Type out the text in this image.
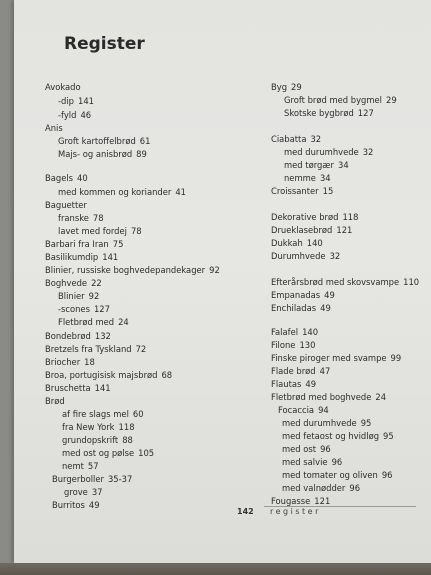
Register
Avokado
-dip 141
-fyld 46
Anis
Groft kartoffelbrød 61
Majs- og anisbrød 89
Bagels 40
med kommen og koriander 41
Baguetter
franske 78
lavet med fordej 78
Barbari fra Iran 75
Basilikumdip 141
Blinier, russiske boghvedepandekager 92
Boghvede 22
Blinier 92
-scones 127
Fletbrød med 24
Bondebrød 132
Bretzels fra Tyskland 72
Briocher 18
Broa, portugisisk majsbrød 68
Bruschetta 141
Brød
af fire slags mel 60
fra New York 118
grundopskrift 88
med ost og pølse 105
nemt 57
Burgerboller 35-37
grove 37
Burritos 49
Byg 29
Groft brød med bygmel 29
Skotske bygbrød 127
Ciabatta 32
med durumhvede 32
med tørgær 34
nemme 34
Croissanter 15
Dekorative brød 118
Drueklasebrød 121
Dukkah 140
Durumhvede 32
Efterårsbrød med skovsvampe 110
Empanadas 49
Enchiladas 49
Falafel 140
Filone 130
Finske piroger med svampe 99
Flade brød 47
Flautas 49
Fletbrød med boghvede 24
Focaccia 94
med durumhvede 95
med fetaost og hvidløg 95
med ost 96
med salvie 96
med tomater og oliven 96
med valnødder 96
Fougasse 121
142 register
